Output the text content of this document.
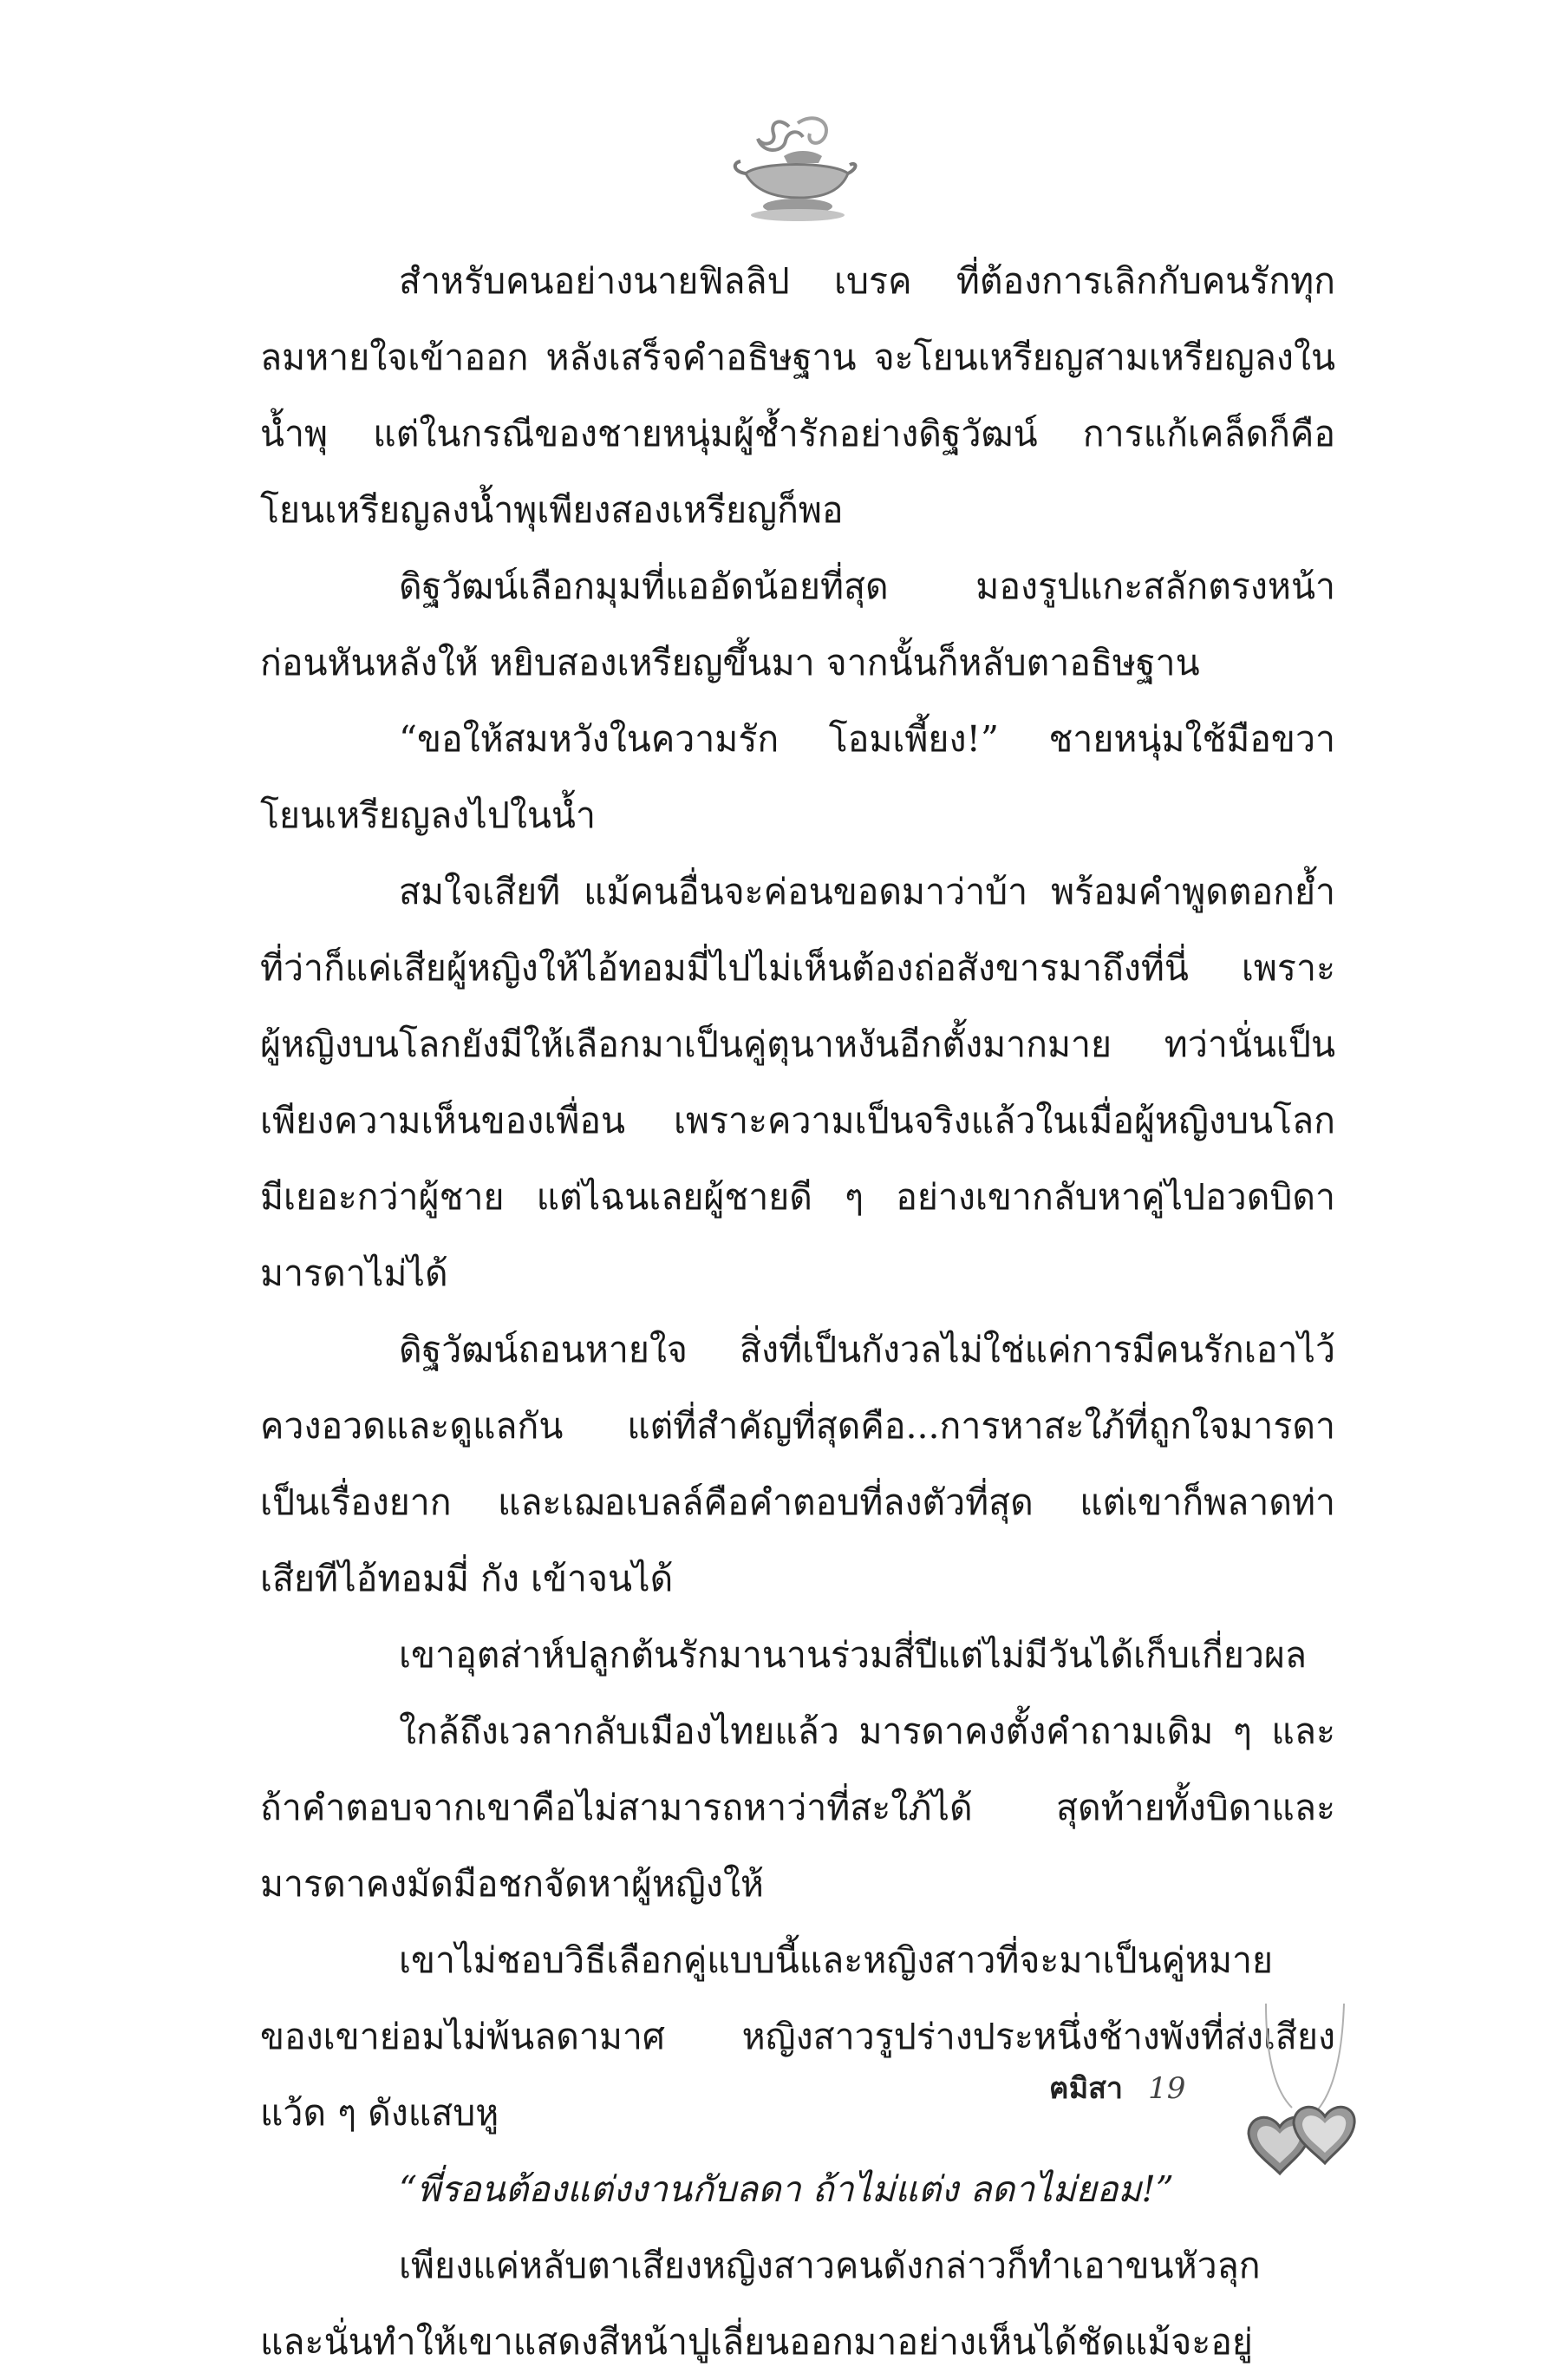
สำหรับคนอย่างนายฟิลลิป เบรค ที่ต้องการเลิกกับคนรักทุก
ลมหายใจเข้าออก หลังเสร็จคำอธิษฐาน จะโยนเหรียญสามเหรียญลงใน
น้ำพุ แต่ในกรณีของชายหนุ่มผู้ช้ำรักอย่างดิฐวัฒน์ การแก้เคล็ดก็คือ
โยนเหรียญลงน้ำพุเพียงสองเหรียญก็พอ
ดิฐวัฒน์เลือกมุมที่แออัดน้อยที่สุด มองรูปแกะสลักตรงหน้า
ก่อนหันหลังให้ หยิบสองเหรียญขึ้นมา จากนั้นก็หลับตาอธิษฐาน
“ขอให้สมหวังในความรัก โอมเพี้ยง!” ชายหนุ่มใช้มือขวา
โยนเหรียญลงไปในน้ำ
สมใจเสียที แม้คนอื่นจะค่อนขอดมาว่าบ้า พร้อมคำพูดตอกย้ำ
ที่ว่าก็แค่เสียผู้หญิงให้ไอ้ทอมมี่ไปไม่เห็นต้องถ่อสังขารมาถึงที่นี่ เพราะ
ผู้หญิงบนโลกยังมีให้เลือกมาเป็นคู่ตุนาหงันอีกตั้งมากมาย ทว่านั่นเป็น
เพียงความเห็นของเพื่อน เพราะความเป็นจริงแล้วในเมื่อผู้หญิงบนโลก
มีเยอะกว่าผู้ชาย แต่ไฉนเลยผู้ชายดี ๆ อย่างเขากลับหาคู่ไปอวดบิดา
มารดาไม่ได้
ดิฐวัฒน์ถอนหายใจ สิ่งที่เป็นกังวลไม่ใช่แค่การมีคนรักเอาไว้
ควงอวดและดูแลกัน แต่ที่สำคัญที่สุดคือ...การหาสะใภ้ที่ถูกใจมารดา
เป็นเรื่องยาก และเฌอเบลล์คือคำตอบที่ลงตัวที่สุด แต่เขาก็พลาดท่า
เสียทีไอ้ทอมมี่ กัง เข้าจนได้
เขาอุตส่าห์ปลูกต้นรักมานานร่วมสี่ปีแต่ไม่มีวันได้เก็บเกี่ยวผล
ใกล้ถึงเวลากลับเมืองไทยแล้ว มารดาคงตั้งคำถามเดิม ๆ และ
ถ้าคำตอบจากเขาคือไม่สามารถหาว่าที่สะใภ้ได้ สุดท้ายทั้งบิดาและ
มารดาคงมัดมือชกจัดหาผู้หญิงให้
เขาไม่ชอบวิธีเลือกคู่แบบนี้และหญิงสาวที่จะมาเป็นคู่หมาย
ของเขาย่อมไม่พ้นลดามาศ หญิงสาวรูปร่างประหนึ่งช้างพังที่ส่งเสียง
แว้ด ๆ ดังแสบหู
“พี่รอนต้องแต่งงานกับลดา ถ้าไม่แต่ง ลดาไม่ยอม!”
เพียงแค่หลับตาเสียงหญิงสาวคนดังกล่าวก็ทำเอาขนหัวลุก
และนั่นทำให้เขาแสดงสีหน้าปูเลี่ยนออกมาอย่างเห็นได้ชัดแม้จะอยู่
ฅมิสา 19
